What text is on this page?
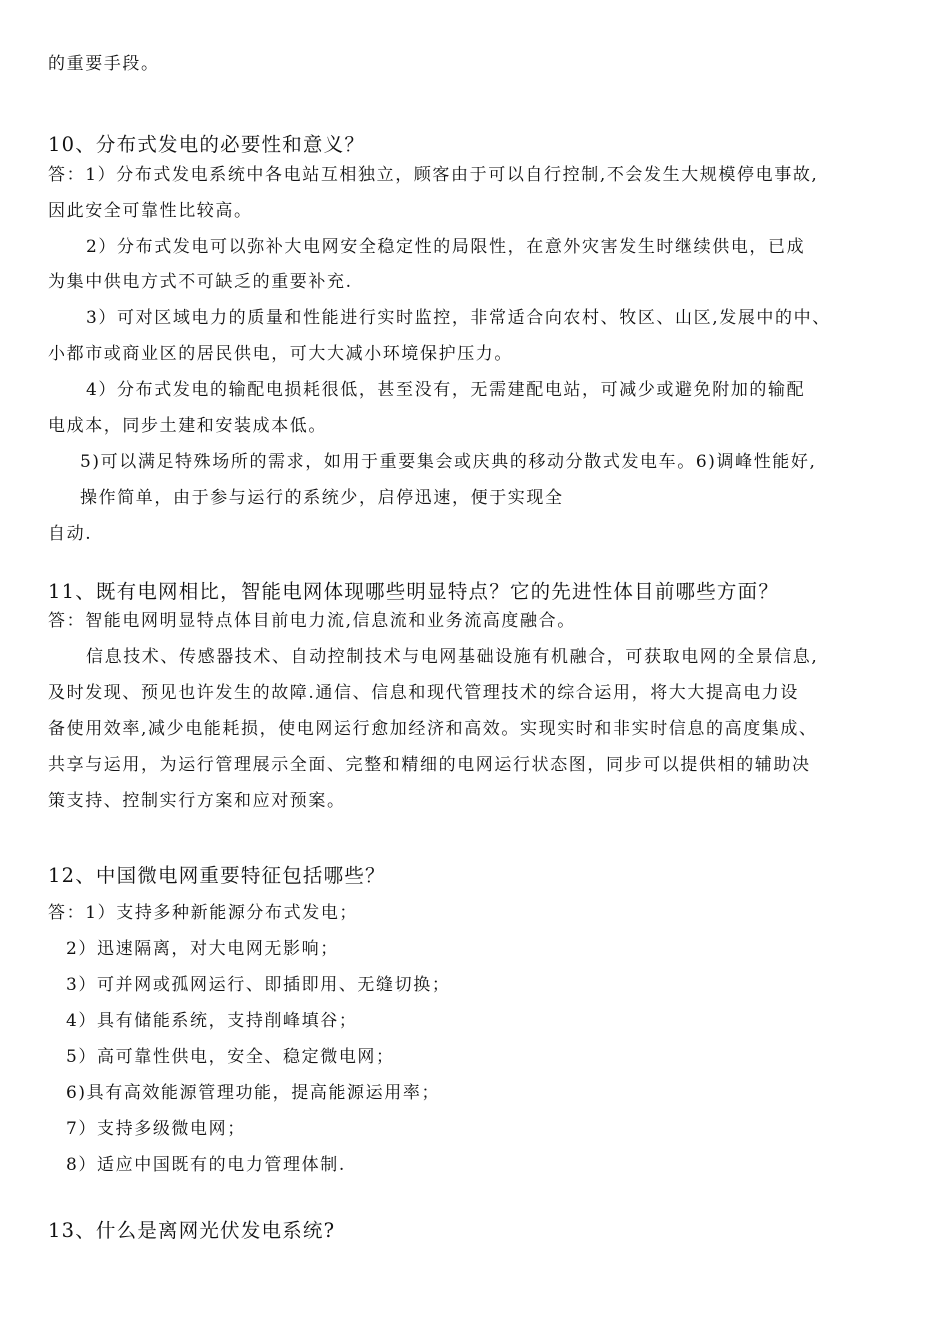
的重要手段。
10、分布式发电的必要性和意义？
答：1）分布式发电系统中各电站互相独立，顾客由于可以自行控制,不会发生大规模停电事故,
因此安全可靠性比较高。
2）分布式发电可以弥补大电网安全稳定性的局限性，在意外灾害发生时继续供电，已成
为集中供电方式不可缺乏的重要补充.
3）可对区域电力的质量和性能进行实时监控，非常适合向农村、牧区、山区,发展中的中、
小都市或商业区的居民供电，可大大减小环境保护压力。
4）分布式发电的输配电损耗很低，甚至没有，无需建配电站，可减少或避免附加的输配
电成本，同步土建和安装成本低。
5)可以满足特殊场所的需求，如用于重要集会或庆典的移动分散式发电车。6)调峰性能好,
操作简单，由于参与运行的系统少，启停迅速，便于实现全
自动.
11、既有电网相比，智能电网体现哪些明显特点？它的先进性体目前哪些方面？
答：智能电网明显特点体目前电力流,信息流和业务流高度融合。
信息技术、传感器技术、自动控制技术与电网基础设施有机融合，可获取电网的全景信息,
及时发现、预见也许发生的故障.通信、信息和现代管理技术的综合运用，将大大提高电力设
备使用效率,减少电能耗损，使电网运行愈加经济和高效。实现实时和非实时信息的高度集成、
共享与运用，为运行管理展示全面、完整和精细的电网运行状态图，同步可以提供相的辅助决
策支持、控制实行方案和应对预案。
12、中国微电网重要特征包括哪些？
答：1）支持多种新能源分布式发电；
2）迅速隔离，对大电网无影响；
3）可并网或孤网运行、即插即用、无缝切换；
4）具有储能系统，支持削峰填谷；
5）高可靠性供电，安全、稳定微电网；
6)具有高效能源管理功能，提高能源运用率；
7）支持多级微电网；
8）适应中国既有的电力管理体制.
13、什么是离网光伏发电系统?
